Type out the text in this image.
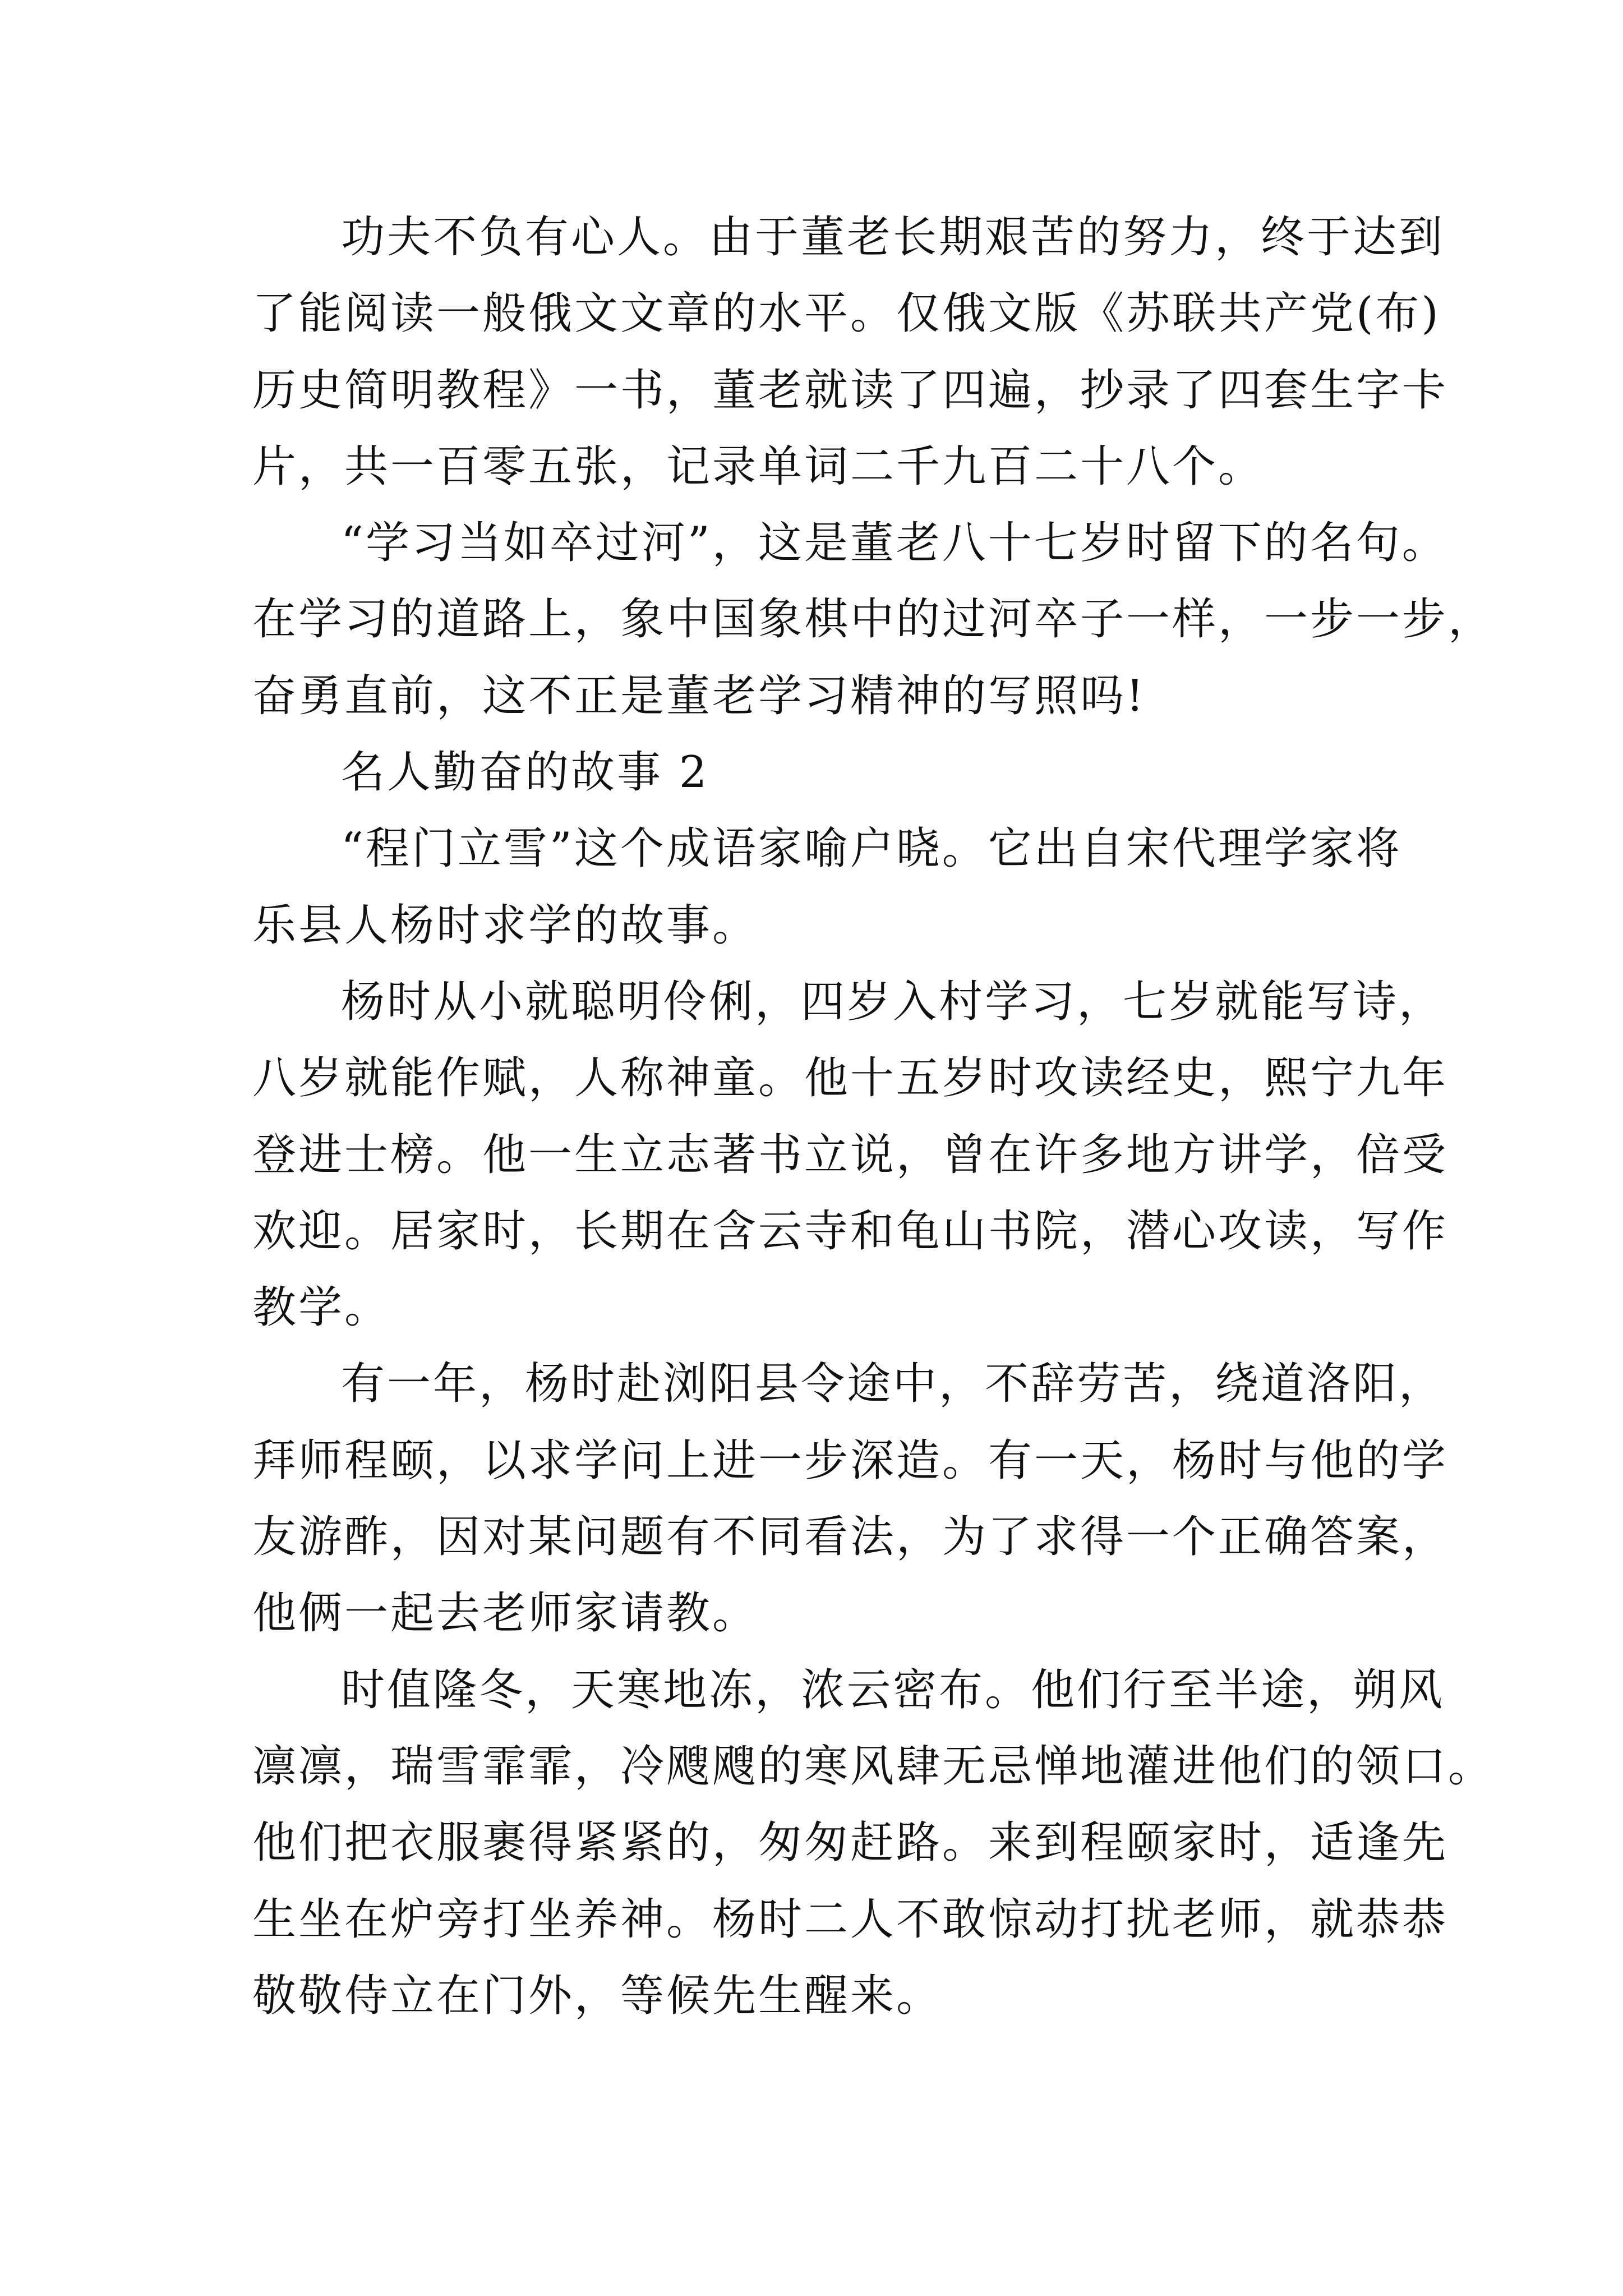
功夫不负有心人。由于董老长期艰苦的努力，终于达到
了能阅读一般俄文文章的水平。仅俄文版《苏联共产党(布)
历史简明教程》一书，董老就读了四遍，抄录了四套生字卡
片，共一百零五张，记录单词二千九百二十八个。
“学习当如卒过河”，这是董老八十七岁时留下的名句。
在学习的道路上，象中国象棋中的过河卒子一样，一步一步，
奋勇直前，这不正是董老学习精神的写照吗!
名人勤奋的故事 2
“程门立雪”这个成语家喻户晓。它出自宋代理学家将
乐县人杨时求学的故事。
杨时从小就聪明伶俐，四岁入村学习，七岁就能写诗，
八岁就能作赋，人称神童。他十五岁时攻读经史，熙宁九年
登进士榜。他一生立志著书立说，曾在许多地方讲学，倍受
欢迎。居家时，长期在含云寺和龟山书院，潜心攻读，写作
教学。
有一年，杨时赴浏阳县令途中，不辞劳苦，绕道洛阳，
拜师程颐，以求学问上进一步深造。有一天，杨时与他的学
友游酢，因对某问题有不同看法，为了求得一个正确答案，
他俩一起去老师家请教。
时值隆冬，天寒地冻，浓云密布。他们行至半途，朔风
凛凛，瑞雪霏霏，冷飕飕的寒风肆无忌惮地灌进他们的领口。
他们把衣服裹得紧紧的，匆匆赶路。来到程颐家时，适逢先
生坐在炉旁打坐养神。杨时二人不敢惊动打扰老师，就恭恭
敬敬侍立在门外，等候先生醒来。
